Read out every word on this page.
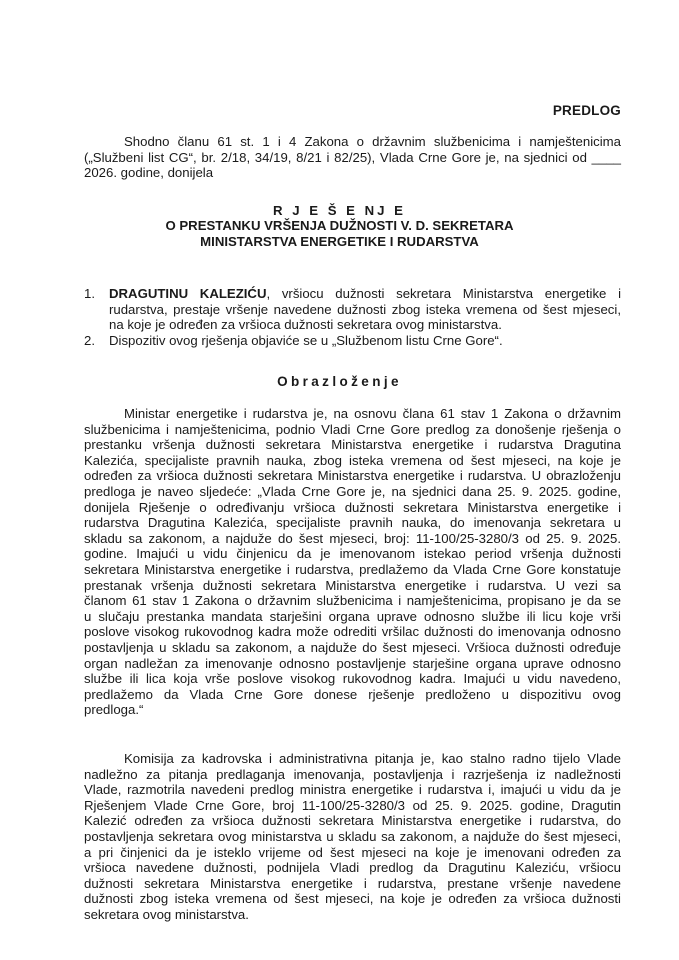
PREDLOG
Shodno članu 61 st. 1 i 4 Zakona o državnim službenicima i namještenicima
(„Službeni list CG“, br. 2/18, 34/19, 8/21 i 82/25), Vlada Crne Gore je, na sjednici od ____
2026. godine, donijela
R J E Š E NJ E
O PRESTANKU VRŠENJA DUŽNOSTI V. D. SEKRETARA
MINISTARSTVA ENERGETIKE I RUDARSTVA
1. DRAGUTINU KALEZIĆU, vršiocu dužnosti sekretara Ministarstva energetike i
rudarstva, prestaje vršenje navedene dužnosti zbog isteka vremena od šest mjeseci,
na koje je određen za vršioca dužnosti sekretara ovog ministarstva.
2. Dispozitiv ovog rješenja objaviće se u „Službenom listu Crne Gore“.
Obrazloženje
Ministar energetike i rudarstva je, na osnovu člana 61 stav 1 Zakona o državnim
službenicima i namještenicima, podnio Vladi Crne Gore predlog za donošenje rješenja o
prestanku vršenja dužnosti sekretara Ministarstva energetike i rudarstva Dragutina
Kalezića, specijaliste pravnih nauka, zbog isteka vremena od šest mjeseci, na koje je
određen za vršioca dužnosti sekretara Ministarstva energetike i rudarstva. U obrazloženju
predloga je naveo sljedeće: „Vlada Crne Gore je, na sjednici dana 25. 9. 2025. godine,
donijela Rješenje o određivanju vršioca dužnosti sekretara Ministarstva energetike i
rudarstva Dragutina Kalezića, specijaliste pravnih nauka, do imenovanja sekretara u
skladu sa zakonom, a najduže do šest mjeseci, broj: 11-100/25-3280/3 od 25. 9. 2025.
godine. Imajući u vidu činjenicu da je imenovanom istekao period vršenja dužnosti
sekretara Ministarstva energetike i rudarstva, predlažemo da Vlada Crne Gore konstatuje
prestanak vršenja dužnosti sekretara Ministarstva energetike i rudarstva. U vezi sa
članom 61 stav 1 Zakona o državnim službenicima i namještenicima, propisano je da se
u slučaju prestanka mandata starješini organa uprave odnosno službe ili licu koje vrši
poslove visokog rukovodnog kadra može odrediti vršilac dužnosti do imenovanja odnosno
postavljenja u skladu sa zakonom, a najduže do šest mjeseci. Vršioca dužnosti određuje
organ nadležan za imenovanje odnosno postavljenje starješine organa uprave odnosno
službe ili lica koja vrše poslove visokog rukovodnog kadra. Imajući u vidu navedeno,
predlažemo da Vlada Crne Gore donese rješenje predloženo u dispozitivu ovog
predloga.“
Komisija za kadrovska i administrativna pitanja je, kao stalno radno tijelo Vlade
nadležno za pitanja predlaganja imenovanja, postavljenja i razrješenja iz nadležnosti
Vlade, razmotrila navedeni predlog ministra energetike i rudarstva i, imajući u vidu da je
Rješenjem Vlade Crne Gore, broj 11-100/25-3280/3 od 25. 9. 2025. godine, Dragutin
Kalezić određen za vršioca dužnosti sekretara Ministarstva energetike i rudarstva, do
postavljenja sekretara ovog ministarstva u skladu sa zakonom, a najduže do šest mjeseci,
a pri činjenici da je isteklo vrijeme od šest mjeseci na koje je imenovani određen za
vršioca navedene dužnosti, podnijela Vladi predlog da Dragutinu Kaleziću, vršiocu
dužnosti sekretara Ministarstva energetike i rudarstva, prestane vršenje navedene
dužnosti zbog isteka vremena od šest mjeseci, na koje je određen za vršioca dužnosti
sekretara ovog ministarstva.
